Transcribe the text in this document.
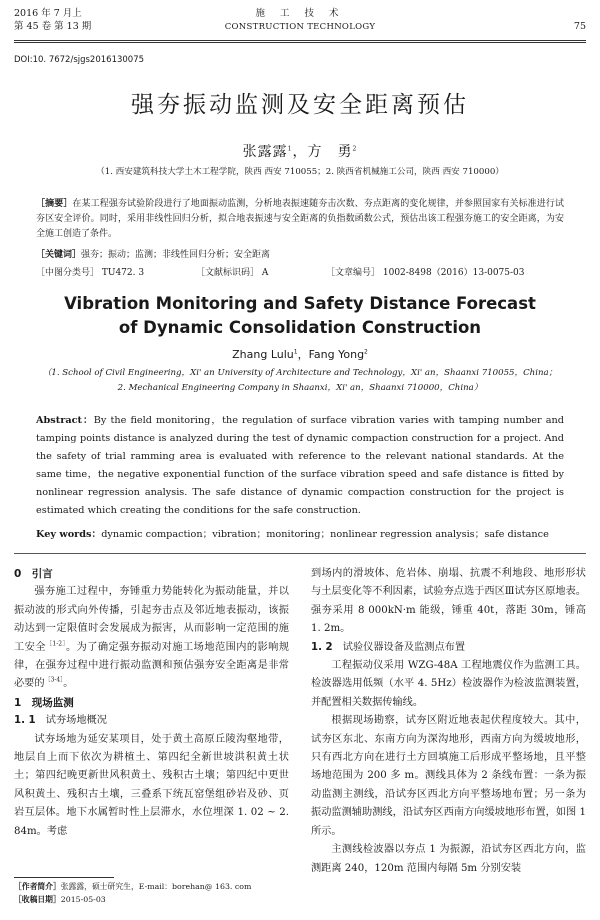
2016 年 7 月上
第 45 卷 第 13 期
施 工 技 术
CONSTRUCTION TECHNOLOGY	75
DOI:10. 7672/sjgs2016130075
强夯振动监测及安全距离预估
张露露$^1$，方　勇$^2$
（1. 西安建筑科技大学土木工程学院，陕西 西安 710055；2. 陕西省机械施工公司，陕西 西安 710000）
［摘要］在某工程强夯试验阶段进行了地面振动监测，分析地表振速随夯击次数、夯点距离的变化规律，并参照国家有关标准进行试夯区安全评价。同时，采用非线性回归分析，拟合地表振速与安全距离的负指数函数公式，预估出该工程强夯施工的安全距离，为安全施工创造了条件。
［关键词］强夯；振动；监测；非线性回归分析；安全距离
［中图分类号］ TU472. 3	［文献标识码］ A	［文章编号］ 1002-8498（2016）13-0075-03
Vibration Monitoring and Safety Distance Forecast
of Dynamic Consolidation Construction
Zhang Lulu$^1$，Fang Yong$^2$
（1. School of Civil Engineering，Xi' an University of Architecture and Technology，Xi' an，Shaanxi 710055，China；
2. Mechanical Engineering Company in Shaanxi，Xi' an，Shaanxi 710000，China）
Abstract：By the field monitoring，the regulation of surface vibration varies with tamping number and tamping points distance is analyzed during the test of dynamic compaction construction for a project. And the safety of trial ramming area is evaluated with reference to the relevant national standards. At the same time，the negative exponential function of the surface vibration speed and safe distance is fitted by nonlinear regression analysis. The safe distance of dynamic compaction construction for the project is estimated which creating the conditions for the safe construction.
Key words：dynamic compaction；vibration；monitoring；nonlinear regression analysis；safe distance
0　引言

强夯施工过程中，夯锤重力势能转化为振动能量，并以振动波的形式向外传播，引起夯击点及邻近地表振动，该振动达到一定限值时会发展成为振害，从而影响一定范围的施工安全$^{[1-2]}$。为了确定强夯振动对施工场地范围内的影响规律，在强夯过程中进行振动监测和预估强夯安全距离是非常必要的$^{[3-4]}$。

1　现场监测
1. 1　试夯场地概况

试夯场地为延安某项目，处于黄土高原丘陵沟壑地带，地层自上而下依次为耕植土、第四纪全新世坡洪积黄土状土；第四纪晚更新世风积黄土、残积古土壤；第四纪中更世风积黄土、残积古土壤，三叠系下统瓦窑堡组砂岩及砂、页岩互层体。地下水属暂时性上层滞水，水位埋深 1. 02 ~ 2. 84m。考虑

到场内的滑坡体、危岩体、崩塌、抗震不利地段、地形形状与土层变化等不利因素，试验夯点选于西区Ⅲ试夯区原地表。强夯采用 8 000kN·m 能级，锤重 40t，落距 30m，锤高 1. 2m。

1. 2　试验仪器设备及监测点布置

工程振动仪采用 WZG-48A 工程地震仪作为监测工具。检波器选用低频（水平 4. 5Hz）检波器作为检波监测装置，并配置相关数据传输线。

根据现场勘察，试夯区附近地表起伏程度较大。其中，试夯区东北、东南方向为深沟地形，西南方向为缓坡地形，只有西北方向在进行土方回填施工后形成平整场地，且平整场地范围为 200 多 m。测线具体为 2 条线布置：一条为振动监测主测线，沿试夯区西北方向平整场地布置；另一条为振动监测辅助测线，沿试夯区西南方向缓坡地形布置，如图 1 所示。

主测线检波器以夯点 1 为振源，沿试夯区西北方向，监测距离 240，120m 范围内每隔 5m 分别安装

［作者简介］张露露，硕士研究生，E-mail：borehan@ 163. com
［收稿日期］2015-05-03
